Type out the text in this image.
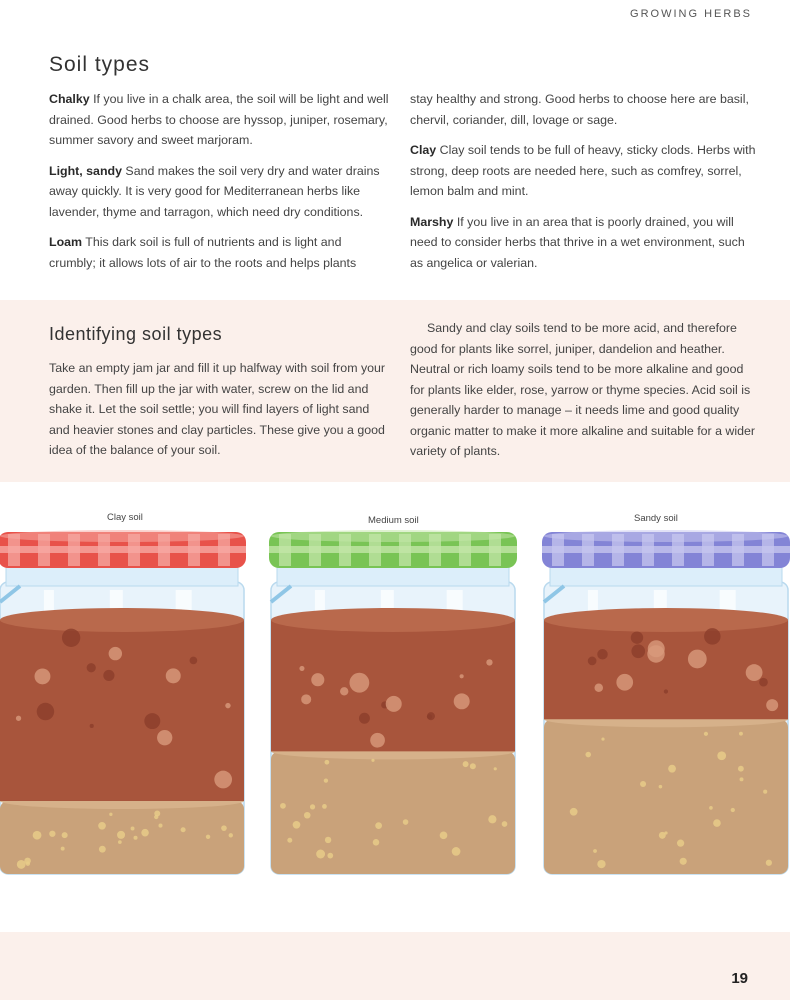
GROWING HERBS
Soil types

Chalky If you live in a chalk area, the soil will be light and well drained. Good herbs to choose are hyssop, juniper, rosemary, summer savory and sweet marjoram.

Light, sandy Sand makes the soil very dry and water drains away quickly. It is very good for Mediterranean herbs like lavender, thyme and tarragon, which need dry conditions.

Loam This dark soil is full of nutrients and is light and crumbly; it allows lots of air to the roots and helps plants

stay healthy and strong. Good herbs to choose here are basil, chervil, coriander, dill, lovage or sage.

Clay Clay soil tends to be full of heavy, sticky clods. Herbs with strong, deep roots are needed here, such as comfrey, sorrel, lemon balm and mint.

Marshy If you live in an area that is poorly drained, you will need to consider herbs that thrive in a wet environment, such as angelica or valerian.

Identifying soil types

Take an empty jam jar and fill it up halfway with soil from your garden. Then fill up the jar with water, screw on the lid and shake it. Let the soil settle; you will find layers of light sand and heavier stones and clay particles. These give you a good idea of the balance of your soil.

Sandy and clay soils tend to be more acid, and therefore good for plants like sorrel, juniper, dandelion and heather. Neutral or rich loamy soils tend to be more alkaline and good for plants like elder, rose, yarrow or thyme species. Acid soil is generally harder to manage – it needs lime and good quality organic matter to make it more alkaline and suitable for a wider variety of plants.

Clay soil	Medium soil	Sandy soil
19
